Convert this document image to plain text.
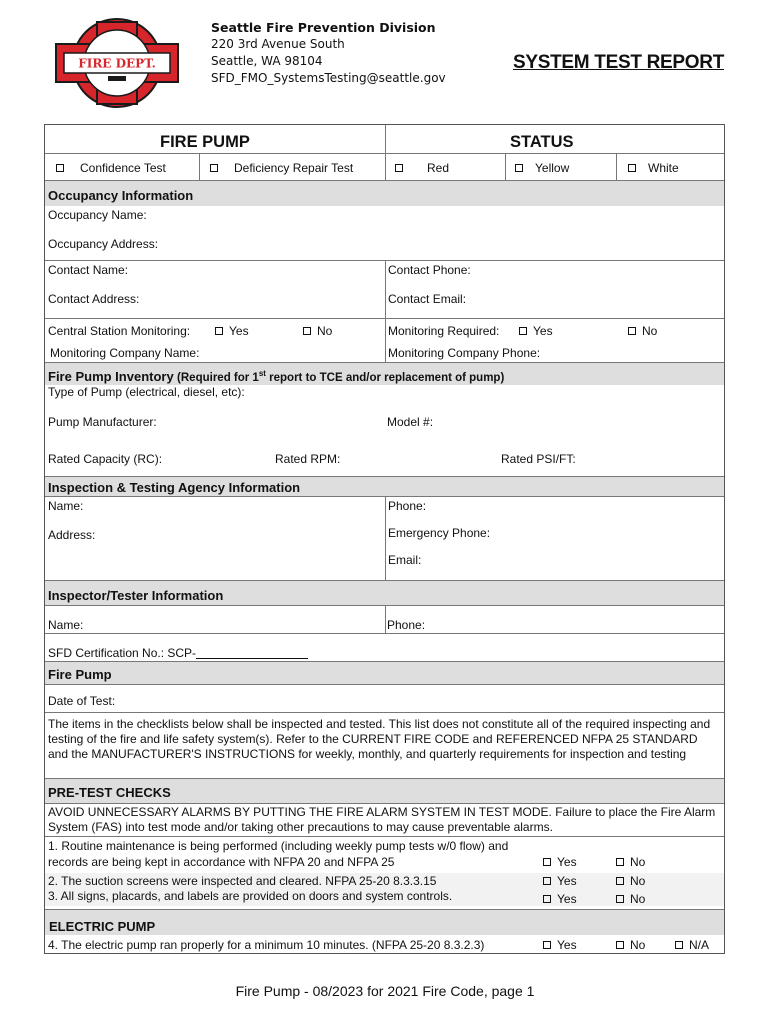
FIRE DEPT.
CITY OF
SEATTLE
Seattle Fire Prevention Division
220 3rd Avenue South
Seattle, WA 98104
SFD_FMO_SystemsTesting@seattle.gov
SYSTEM TEST REPORT
FIRE PUMP	STATUS
Confidence Test	Deficiency Repair Test	Red	Yellow	White
Occupancy Information
Occupancy Name:
Occupancy Address:
Contact Name:	Contact Phone:
Contact Address:	Contact Email:
Central Station Monitoring:	Yes	No	Monitoring Required:	Yes	No
Monitoring Company Name:	Monitoring Company Phone:
Fire Pump Inventory (Required for 1st report to TCE and/or replacement of pump)
Type of Pump (electrical, diesel, etc):
Pump Manufacturer:	Model #:
Rated Capacity (RC):	Rated RPM:	Rated PSI/FT:
Inspection & Testing Agency Information
Name:	Phone:
Address:	Emergency Phone:
Email:
Inspector/Tester Information
Name:	Phone:
SFD Certification No.: SCP-
Fire Pump
Date of Test:
The items in the checklists below shall be inspected and tested. This list does not constitute all of the required inspecting and testing of the fire and life safety system(s). Refer to the CURRENT FIRE CODE and REFERENCED NFPA 25 STANDARD and the MANUFACTURER'S INSTRUCTIONS for weekly, monthly, and quarterly requirements for inspection and testing
PRE-TEST CHECKS
AVOID UNNECESSARY ALARMS BY PUTTING THE FIRE ALARM SYSTEM IN TEST MODE. Failure to place the Fire Alarm System (FAS) into test mode and/or taking other precautions to may cause preventable alarms.
1. Routine maintenance is being performed (including weekly pump tests w/0 flow) and
records are being kept in accordance with NFPA 20 and NFPA 25	Yes	No
2. The suction screens were inspected and cleared. NFPA 25-20 8.3.3.15	Yes	No
3. All signs, placards, and labels are provided on doors and system controls.	Yes	No
ELECTRIC PUMP
4. The electric pump ran properly for a minimum 10 minutes. (NFPA 25-20 8.3.2.3)	Yes	No	N/A
Fire Pump - 08/2023 for 2021 Fire Code, page 1
